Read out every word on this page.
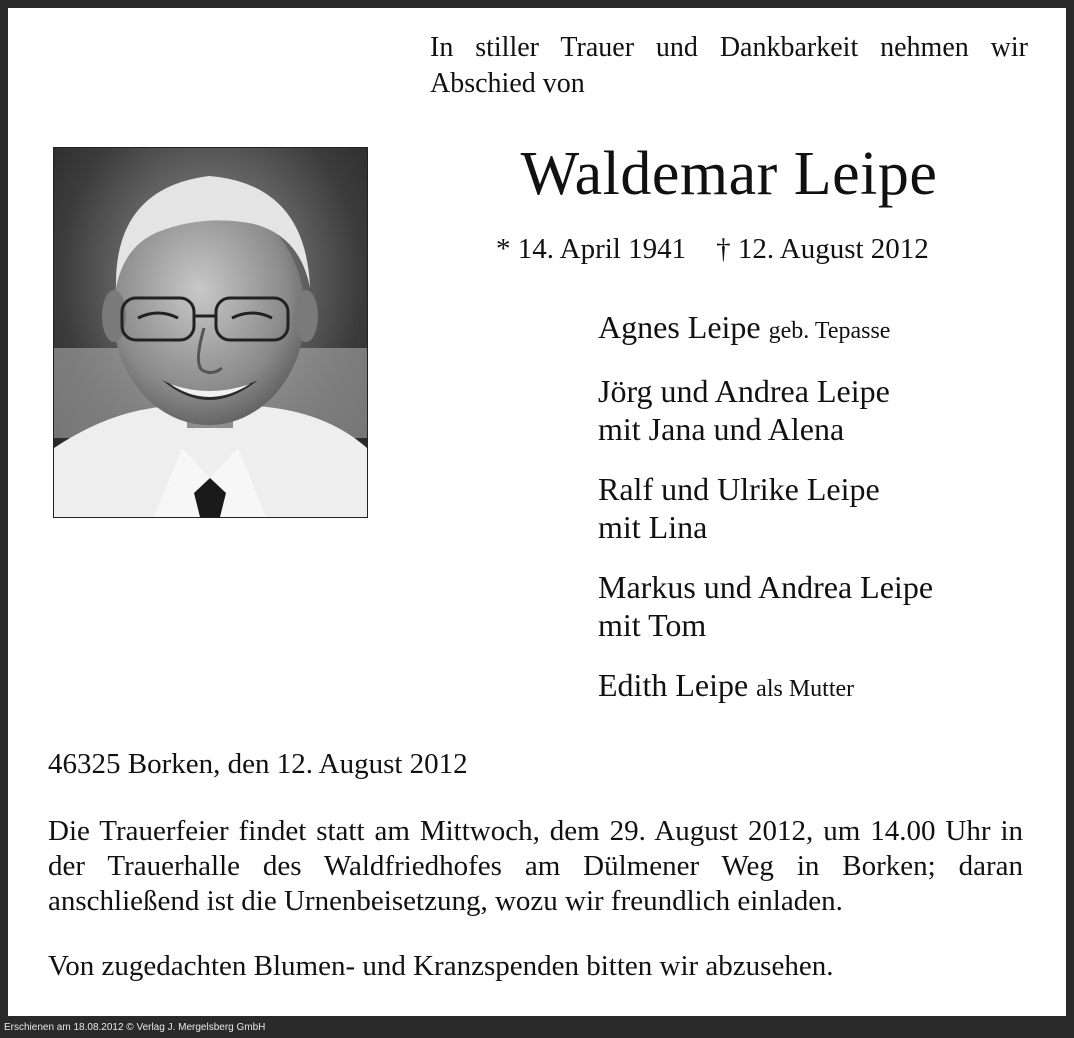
In stiller Trauer und Dankbarkeit nehmen wir Abschied von

Waldemar Leipe
* 14. April 1941 † 12. August 2012
Agnes Leipe geb. Tepasse
Jörg und Andrea Leipe
mit Jana und Alena
Ralf und Ulrike Leipe
mit Lina
Markus und Andrea Leipe
mit Tom
Edith Leipe als Mutter

46325 Borken, den 12. August 2012

Die Trauerfeier findet statt am Mittwoch, dem 29. August 2012, um 14.00 Uhr in der Trauerhalle des Waldfriedhofes am Dülmener Weg in Borken; daran anschließend ist die Urnenbeisetzung, wozu wir freundlich einladen.

Von zugedachten Blumen- und Kranzspenden bitten wir abzusehen.

Erschienen am 18.08.2012 © Verlag J. Mergelsberg GmbH
